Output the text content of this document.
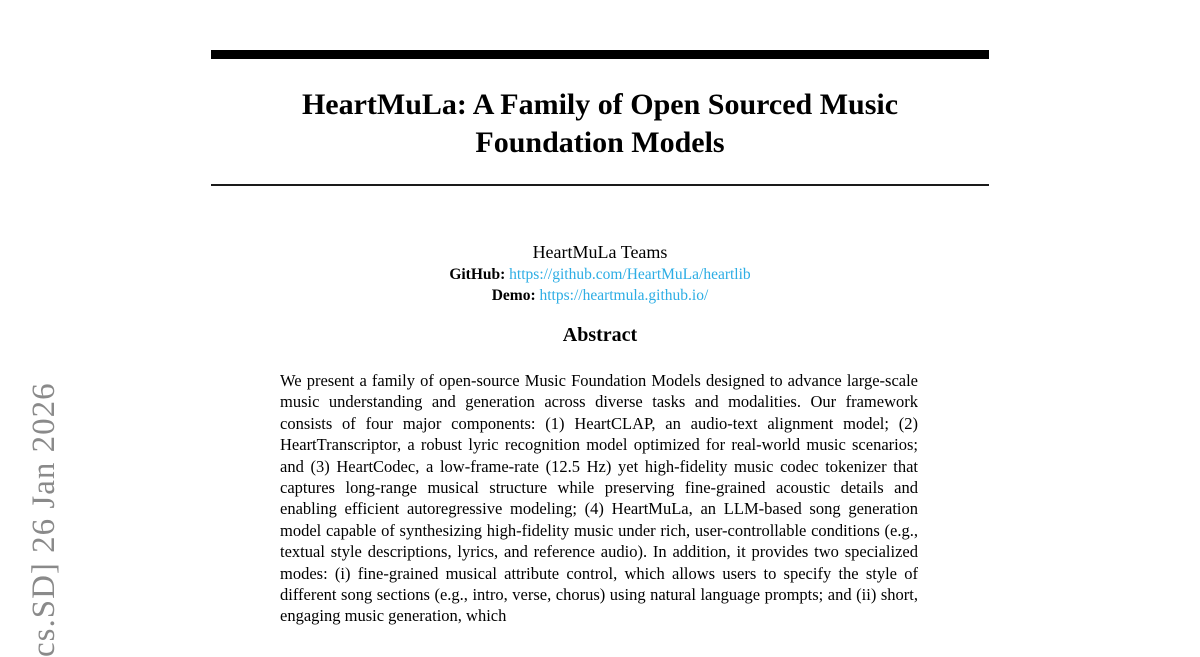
cs.SD] 26 Jan 2026
HeartMuLa: A Family of Open Sourced Music
Foundation Models
HeartMuLa Teams
GitHub: https://github.com/HeartMuLa/heartlib
Demo: https://heartmula.github.io/
Abstract
We present a family of open-source Music Foundation Models designed to advance large-scale music understanding and generation across diverse tasks and modalities. Our framework consists of four major components: (1) HeartCLAP, an audio-text alignment model; (2) HeartTranscriptor, a robust lyric recognition model optimized for real-world music scenarios; and (3) HeartCodec, a low-frame-rate (12.5 Hz) yet high-fidelity music codec tokenizer that captures long-range musical structure while preserving fine-grained acoustic details and enabling efficient autoregressive modeling; (4) HeartMuLa, an LLM-based song generation model capable of synthesizing high-fidelity music under rich, user-controllable conditions (e.g., textual style descriptions, lyrics, and reference audio). In addition, it provides two specialized modes: (i) fine-grained musical attribute control, which allows users to specify the style of different song sections (e.g., intro, verse, chorus) using natural language prompts; and (ii) short, engaging music generation, which
